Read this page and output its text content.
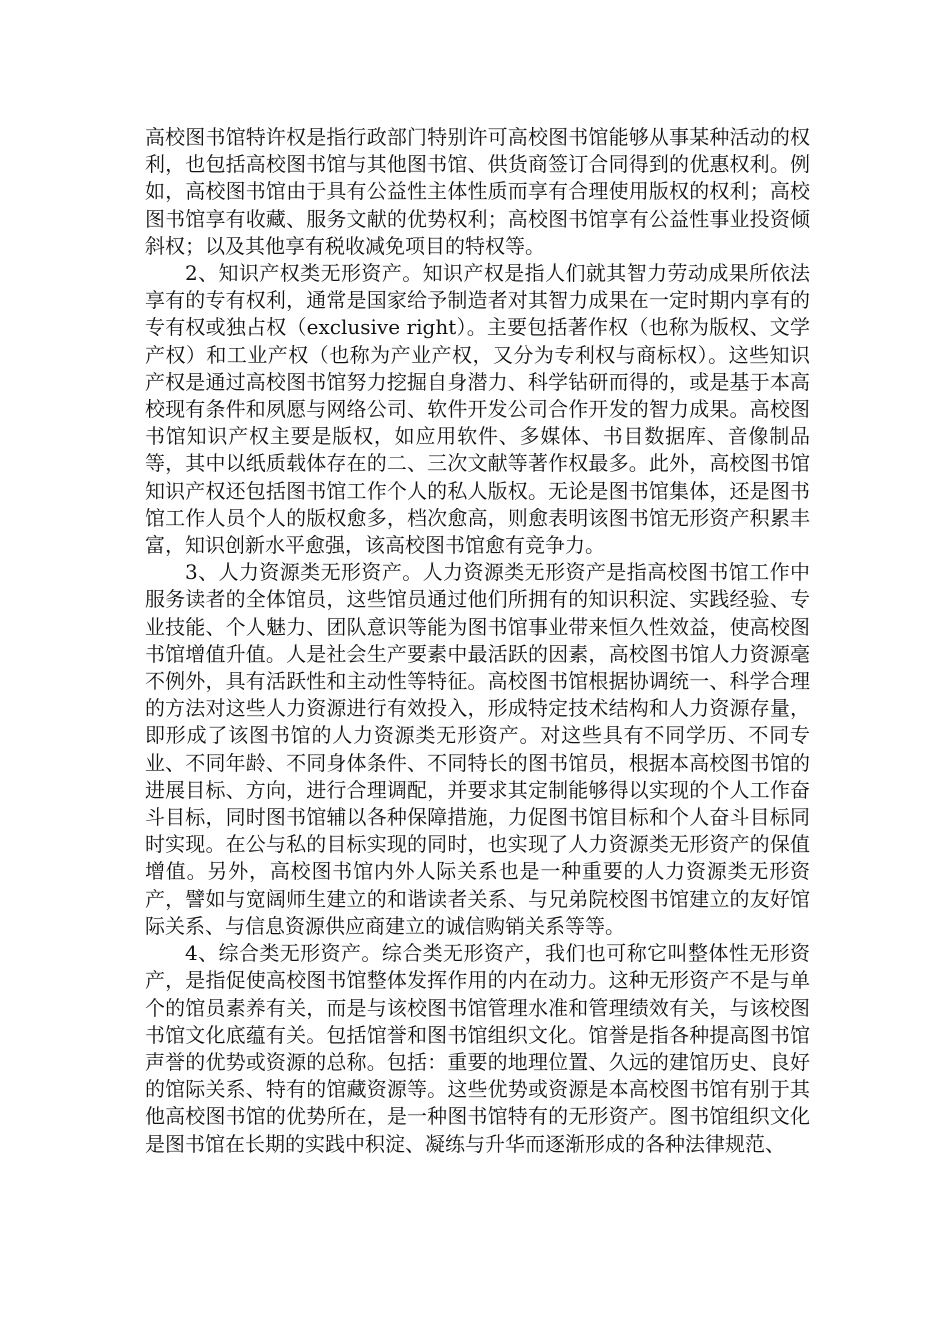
高校图书馆特许权是指行政部门特别许可高校图书馆能够从事某种活动的权利，也包括高校图书馆与其他图书馆、供货商签订合同得到的优惠权利。例如，高校图书馆由于具有公益性主体性质而享有合理使用版权的权利；高校图书馆享有收藏、服务文献的优势权利；高校图书馆享有公益性事业投资倾斜权；以及其他享有税收减免项目的特权等。

2、知识产权类无形资产。知识产权是指人们就其智力劳动成果所依法享有的专有权利，通常是国家给予制造者对其智力成果在一定时期内享有的专有权或独占权（exclusive right）。主要包括著作权（也称为版权、文学产权）和工业产权（也称为产业产权，又分为专利权与商标权）。这些知识产权是通过高校图书馆努力挖掘自身潜力、科学钻研而得的，或是基于本高校现有条件和夙愿与网络公司、软件开发公司合作开发的智力成果。高校图书馆知识产权主要是版权，如应用软件、多媒体、书目数据库、音像制品等，其中以纸质载体存在的二、三次文献等著作权最多。此外，高校图书馆知识产权还包括图书馆工作个人的私人版权。无论是图书馆集体，还是图书馆工作人员个人的版权愈多，档次愈高，则愈表明该图书馆无形资产积累丰富，知识创新水平愈强，该高校图书馆愈有竞争力。

3、人力资源类无形资产。人力资源类无形资产是指高校图书馆工作中服务读者的全体馆员，这些馆员通过他们所拥有的知识积淀、实践经验、专业技能、个人魅力、团队意识等能为图书馆事业带来恒久性效益，使高校图书馆增值升值。人是社会生产要素中最活跃的因素，高校图书馆人力资源毫不例外，具有活跃性和主动性等特征。高校图书馆根据协调统一、科学合理的方法对这些人力资源进行有效投入，形成特定技术结构和人力资源存量，即形成了该图书馆的人力资源类无形资产。对这些具有不同学历、不同专业、不同年龄、不同身体条件、不同特长的图书馆员，根据本高校图书馆的进展目标、方向，进行合理调配，并要求其定制能够得以实现的个人工作奋斗目标，同时图书馆辅以各种保障措施，力促图书馆目标和个人奋斗目标同时实现。在公与私的目标实现的同时，也实现了人力资源类无形资产的保值增值。另外，高校图书馆内外人际关系也是一种重要的人力资源类无形资产，譬如与宽阔师生建立的和谐读者关系、与兄弟院校图书馆建立的友好馆际关系、与信息资源供应商建立的诚信购销关系等等。

4、综合类无形资产。综合类无形资产，我们也可称它叫整体性无形资产，是指促使高校图书馆整体发挥作用的内在动力。这种无形资产不是与单个的馆员素养有关，而是与该校图书馆管理水准和管理绩效有关，与该校图书馆文化底蕴有关。包括馆誉和图书馆组织文化。馆誉是指各种提高图书馆声誉的优势或资源的总称。包括：重要的地理位置、久远的建馆历史、良好的馆际关系、特有的馆藏资源等。这些优势或资源是本高校图书馆有别于其他高校图书馆的优势所在，是一种图书馆特有的无形资产。图书馆组织文化是图书馆在长期的实践中积淀、凝练与升华而逐渐形成的各种法律规范、
